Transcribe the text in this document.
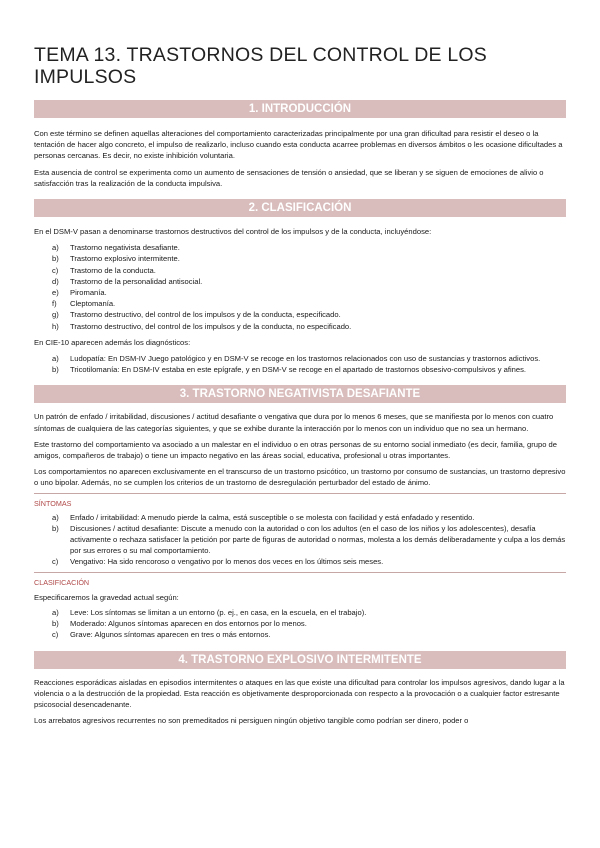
TEMA 13. TRASTORNOS DEL CONTROL DE LOS IMPULSOS
1. INTRODUCCIÓN

Con este término se definen aquellas alteraciones del comportamiento caracterizadas principalmente por una gran dificultad para resistir el deseo o la tentación de hacer algo concreto, el impulso de realizarlo, incluso cuando esta conducta acarree problemas en diversos ámbitos o les ocasione dificultades a personas cercanas. Es decir, no existe inhibición voluntaria.

Esta ausencia de control se experimenta como un aumento de sensaciones de tensión o ansiedad, que se liberan y se siguen de emociones de alivio o satisfacción tras la realización de la conducta impulsiva.

2. CLASIFICACIÓN

En el DSM-V pasan a denominarse trastornos destructivos del control de los impulsos y de la conducta, incluyéndose:

a)	Trastorno negativista desafiante.
b)	Trastorno explosivo intermitente.
c)	Trastorno de la conducta.
d)	Trastorno de la personalidad antisocial.
e)	Piromanía.
f)	Cleptomanía.
g)	Trastorno destructivo, del control de los impulsos y de la conducta, especificado.
h)	Trastorno destructivo, del control de los impulsos y de la conducta, no especificado.

En CIE-10 aparecen además los diagnósticos:

a)	Ludopatía: En DSM-IV Juego patológico y en DSM-V se recoge en los trastornos relacionados con uso de sustancias y trastornos adictivos.
b)	Tricotilomanía: En DSM-IV estaba en este epígrafe, y en DSM-V se recoge en el apartado de trastornos obsesivo-compulsivos y afines.
3. TRASTORNO NEGATIVISTA DESAFIANTE

Un patrón de enfado / irritabilidad, discusiones / actitud desafiante o vengativa que dura por lo menos 6 meses, que se manifiesta por lo menos con cuatro síntomas de cualquiera de las categorías siguientes, y que se exhibe durante la interacción por lo menos con un individuo que no sea un hermano.

Este trastorno del comportamiento va asociado a un malestar en el individuo o en otras personas de su entorno social inmediato (es decir, familia, grupo de amigos, compañeros de trabajo) o tiene un impacto negativo en las áreas social, educativa, profesional u otras importantes.

Los comportamientos no aparecen exclusivamente en el transcurso de un trastorno psicótico, un trastorno por consumo de sustancias, un trastorno depresivo o uno bipolar. Además, no se cumplen los criterios de un trastorno de desregulación perturbador del estado de ánimo.

SÍNTOMAS
a)	Enfado / irritabilidad: A menudo pierde la calma, está susceptible o se molesta con facilidad y está enfadado y resentido.
b)	Discusiones / actitud desafiante: Discute a menudo con la autoridad o con los adultos (en el caso de los niños y los adolescentes), desafía activamente o rechaza satisfacer la petición por parte de figuras de autoridad o normas, molesta a los demás deliberadamente y culpa a los demás por sus errores o su mal comportamiento.
c)	Vengativo: Ha sido rencoroso o vengativo por lo menos dos veces en los últimos seis meses.
CLASIFICACIÓN

Especificaremos la gravedad actual según:

a)	Leve: Los síntomas se limitan a un entorno (p. ej., en casa, en la escuela, en el trabajo).
b)	Moderado: Algunos síntomas aparecen en dos entornos por lo menos.
c)	Grave: Algunos síntomas aparecen en tres o más entornos.
4. TRASTORNO EXPLOSIVO INTERMITENTE

Reacciones esporádicas aisladas en episodios intermitentes o ataques en las que existe una dificultad para controlar los impulsos agresivos, dando lugar a la violencia o a la destrucción de la propiedad. Esta reacción es objetivamente desproporcionada con respecto a la provocación o a cualquier factor estresante psicosocial desencadenante.

Los arrebatos agresivos recurrentes no son premeditados ni persiguen ningún objetivo tangible como podrían ser dinero, poder o
